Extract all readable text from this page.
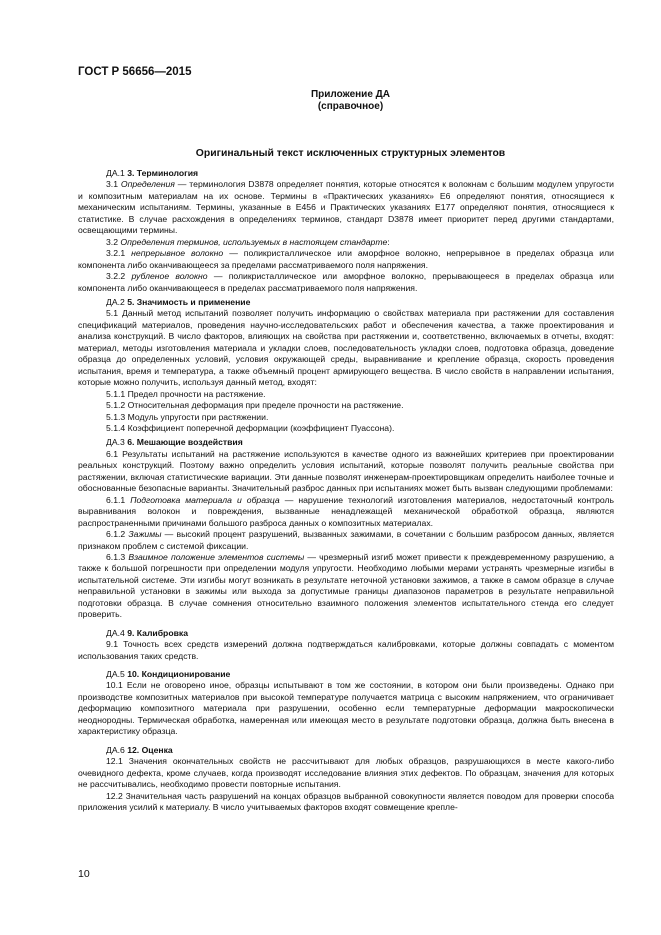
ГОСТ Р 56656—2015
Приложение ДА
(справочное)
Оригинальный текст исключенных структурных элементов
ДА.1 3. Терминология

3.1 Определения — терминология D3878 определяет понятия, которые относятся к волокнам с большим модулем упругости и композитным материалам на их основе. Термины в «Практических указаниях» Е6 определяют понятия, относящиеся к механическим испытаниям. Термины, указанные в Е456 и Практических указаниях Е177 определяют понятия, относящиеся к статистике. В случае расхождения в определениях терминов, стандарт D3878 имеет приоритет перед другими стандартами, освещающими термины.

3.2 Определения терминов, используемых в настоящем стандарте:

3.2.1 непрерывное волокно — поликристаллическое или аморфное волокно, непрерывное в пределах образца или компонента либо оканчивающееся за пределами рассматриваемого поля напряжения.

3.2.2 рубленое волокно — поликристаллическое или аморфное волокно, прерывающееся в пределах образца или компонента либо оканчивающееся в пределах рассматриваемого поля напряжения.

ДА.2 5. Значимость и применение

5.1 Данный метод испытаний позволяет получить информацию о свойствах материала при растяжении для составления спецификаций материалов, проведения научно-исследовательских работ и обеспечения качества, а также проектирования и анализа конструкций. В число факторов, влияющих на свойства при растяжении и, соответственно, включаемых в отчеты, входят: материал, методы изготовления материала и укладки слоев, последовательность укладки слоев, подготовка образца, доведение образца до определенных условий, условия окружающей среды, выравнивание и крепление образца, скорость проведения испытания, время и температура, а также объемный процент армирующего вещества. В число свойств в направлении испытания, которые можно получить, используя данный метод, входят:

5.1.1 Предел прочности на растяжение.

5.1.2 Относительная деформация при пределе прочности на растяжение.

5.1.3 Модуль упругости при растяжении.

5.1.4 Коэффициент поперечной деформации (коэффициент Пуассона).

ДА.3 6. Мешающие воздействия

6.1 Результаты испытаний на растяжение используются в качестве одного из важнейших критериев при проектировании реальных конструкций. Поэтому важно определить условия испытаний, которые позволят получить реальные свойства при растяжении, включая статистические вариации. Эти данные позволят инженерам-проектировщикам определить наиболее точные и обоснованные безопасные варианты. Значительный разброс данных при испытаниях может быть вызван следующими проблемами:

6.1.1 Подготовка материала и образца — нарушение технологий изготовления материалов, недостаточный контроль выравнивания волокон и повреждения, вызванные ненадлежащей механической обработкой образца, являются распространенными причинами большого разброса данных о композитных материалах.

6.1.2 Зажимы — высокий процент разрушений, вызванных зажимами, в сочетании с большим разбросом данных, является признаком проблем с системой фиксации.

6.1.3 Взаимное положение элементов системы — чрезмерный изгиб может привести к преждевременному разрушению, а также к большой погрешности при определении модуля упругости. Необходимо любыми мерами устранять чрезмерные изгибы в испытательной системе. Эти изгибы могут возникать в результате неточной установки зажимов, а также в самом образце в случае неправильной установки в зажимы или выхода за допустимые границы диапазонов параметров в результате неправильной подготовки образца. В случае сомнения относительно взаимного положения элементов испытательного стенда его следует проверить.

ДА.4 9. Калибровка

9.1 Точность всех средств измерений должна подтверждаться калибровками, которые должны совпадать с моментом использования таких средств.

ДА.5 10. Кондиционирование

10.1 Если не оговорено иное, образцы испытывают в том же состоянии, в котором они были произведены. Однако при производстве композитных материалов при высокой температуре получается матрица с высоким напряжением, что ограничивает деформацию композитного материала при разрушении, особенно если температурные деформации макроскопически неоднородны. Термическая обработка, намеренная или имеющая место в результате подготовки образца, должна быть внесена в характеристику образца.

ДА.6 12. Оценка

12.1 Значения окончательных свойств не рассчитывают для любых образцов, разрушающихся в месте какого-либо очевидного дефекта, кроме случаев, когда производят исследование влияния этих дефектов. По образцам, значения для которых не рассчитывались, необходимо провести повторные испытания.

12.2 Значительная часть разрушений на концах образцов выбранной совокупности является поводом для проверки способа приложения усилий к материалу. В число учитываемых факторов входят совмещение крепле-

10
